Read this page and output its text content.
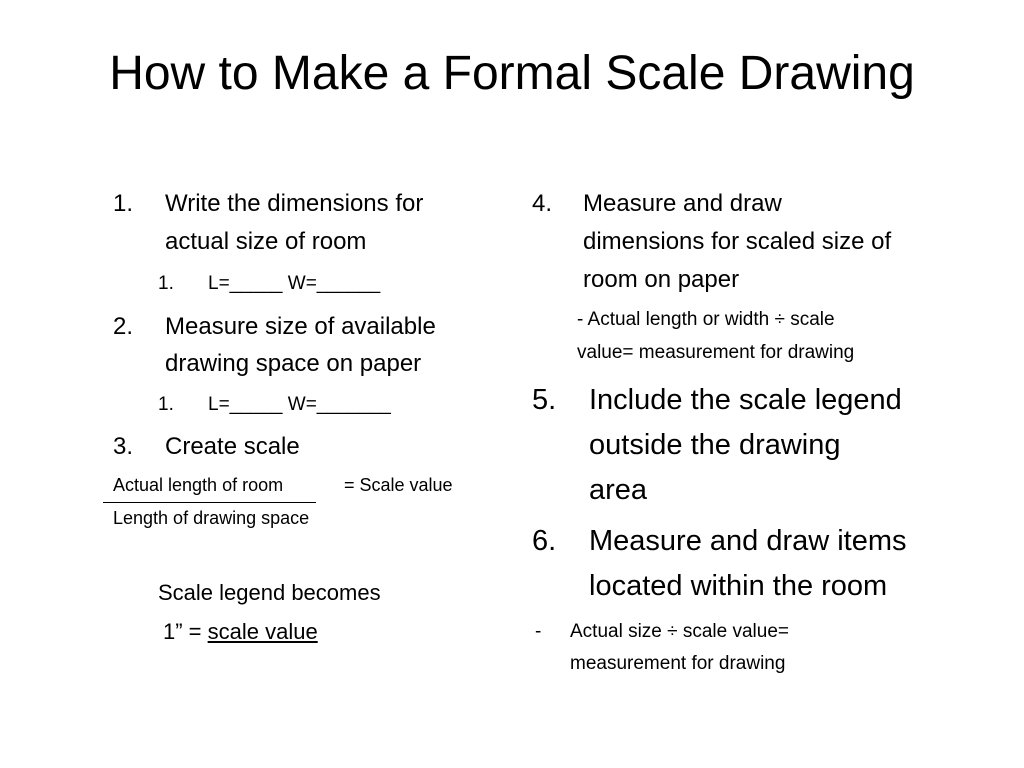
How to Make a Formal Scale Drawing
1. Write the dimensions for
actual size of room
1. L=_____ W=______
2. Measure size of available
drawing space on paper
1. L=_____ W=_______
3. Create scale
Actual length of room	= Scale value
Length of drawing space
Scale legend becomes
1” = scale value
4. Measure and draw
dimensions for scaled size of
room on paper
- Actual length or width ÷ scale
value= measurement for drawing
5. Include the scale legend
outside the drawing
area
6. Measure and draw items
located within the room
- Actual size ÷ scale value=
measurement for drawing
